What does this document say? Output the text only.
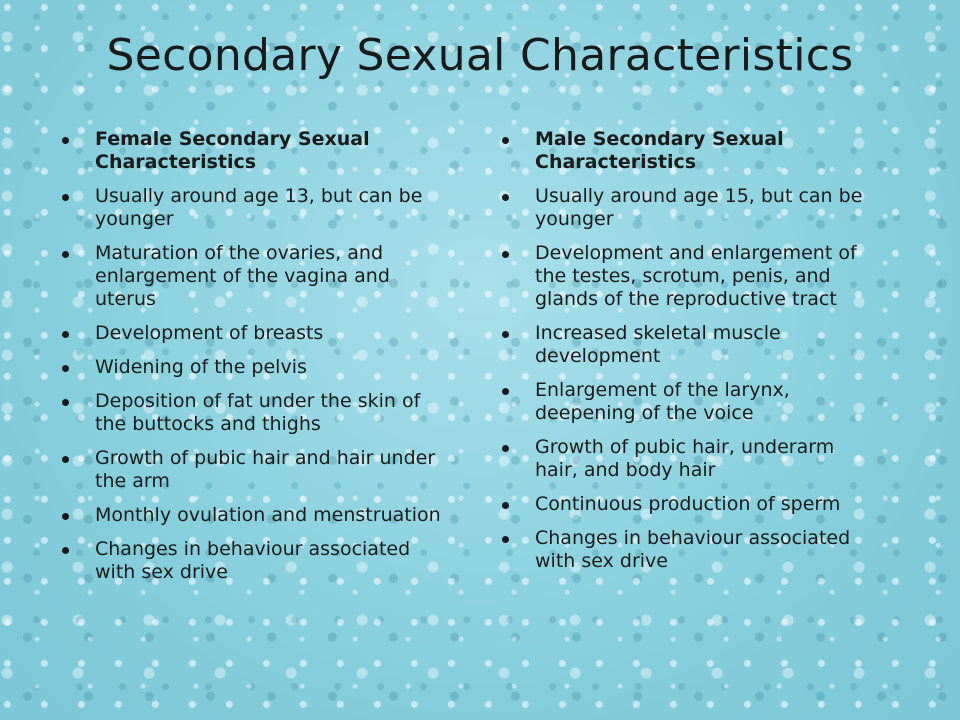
Secondary Sexual Characteristics
Female Secondary Sexual Characteristics
Usually around age 13, but can be younger
Maturation of the ovaries, and enlargement of the vagina and uterus
Development of breasts
Widening of the pelvis
Deposition of fat under the skin of the buttocks and thighs
Growth of pubic hair and hair under the arm
Monthly ovulation and menstruation
Changes in behaviour associated with sex drive
Male Secondary Sexual Characteristics
Usually around age 15, but can be younger
Development and enlargement of the testes, scrotum, penis, and glands of the reproductive tract
Increased skeletal muscle development
Enlargement of the larynx, deepening of the voice
Growth of pubic hair, underarm hair, and body hair
Continuous production of sperm
Changes in behaviour associated with sex drive
